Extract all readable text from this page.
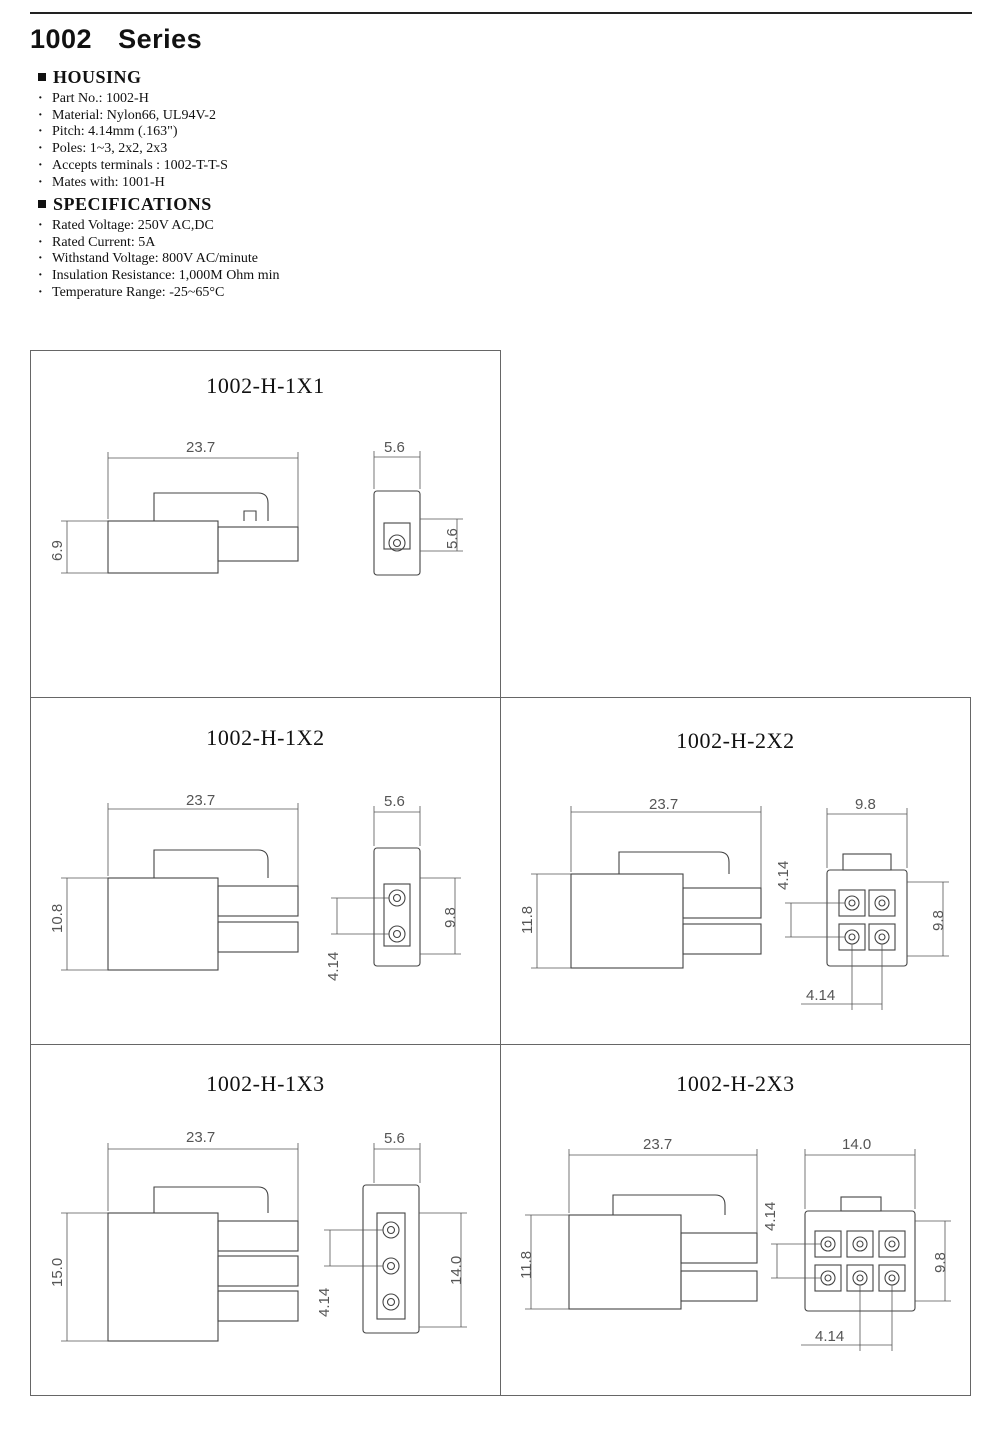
1002 Series
HOUSING
· Part No.: 1002-H
· Material: Nylon66, UL94V-2
· Pitch: 4.14mm (.163")
· Poles: 1~3, 2x2, 2x3
· Accepts terminals : 1002-T-T-S
· Mates with: 1001-H
SPECIFICATIONS
· Rated Voltage: 250V AC,DC
· Rated Current: 5A
· Withstand Voltage: 800V AC/minute
· Insulation Resistance: 1,000M Ohm min
· Temperature Range: -25~65°C
1002-H-1X1
23.7
6.9
5.6
5.6
1002-H-1X2
23.7
10.8
5.6
9.8
4.14
1002-H-2X2
23.7
11.8
9.8
9.8
4.14
4.14
1002-H-1X3
23.7
15.0
5.6
14.0
4.14
1002-H-2X3
23.7
11.8
14.0
9.8
4.14
4.14
